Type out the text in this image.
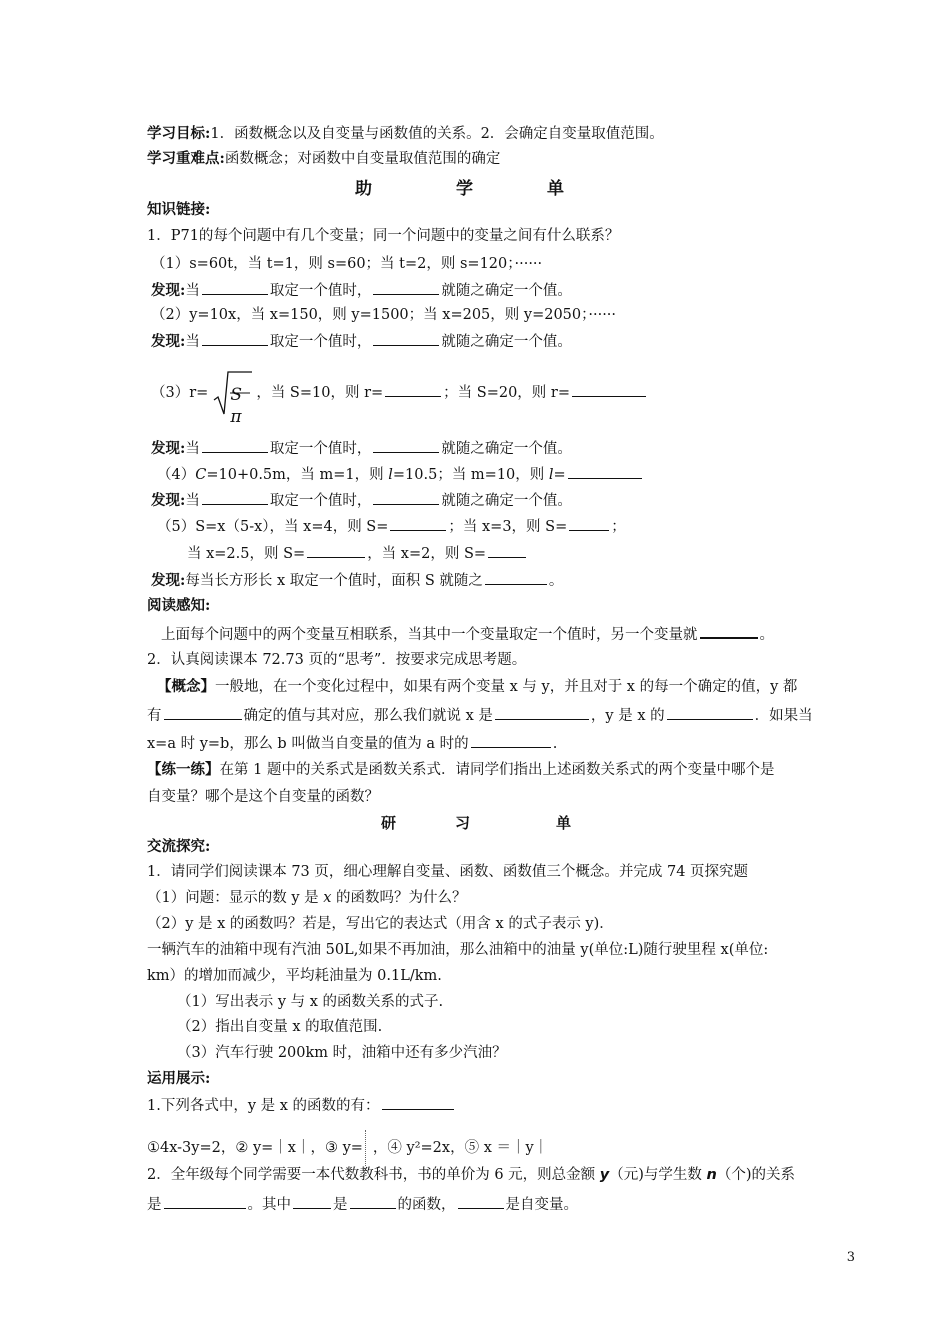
学习目标:1．函数概念以及自变量与函数值的关系。2．会确定自变量取值范围。
学习重难点:函数概念；对函数中自变量取值范围的确定
助	学	单
知识链接:
1．P71的每个问题中有几个变量；同一个问题中的变量之间有什么联系？
（1）s=60t，当 t=1，则 s=60；当 t=2，则 s=120；······
发现:当	取定一个值时，	就随之确定一个值。
（2）y=10x，当 x=150，则 y=1500；当 x=205，则 y=2050；······
发现:当	取定一个值时，	就随之确定一个值。
（3）r= S
π
，当 S=10，则 r=	；当 S=20，则 r=
发现:当	取定一个值时，	就随之确定一个值。
（4）C=10+0.5m，当 m=1，则 l=10.5；当 m=10，则 l=
发现:当	取定一个值时，	就随之确定一个值。
（5）S=x（5-x），当 x=4，则 S=	；当 x=3，则 S=	；
当 x=2.5，则 S=	，当 x=2，则 S=
发现:每当长方形长 x 取定一个值时，面积 S 就随之	。
阅读感知:
上面每个问题中的两个变量互相联系，当其中一个变量取定一个值时，另一个变量就	。
2．认真阅读课本 72.73 页的“思考”．按要求完成思考题。
【概念】一般地，在一个变化过程中，如果有两个变量 x 与 y，并且对于 x 的每一个确定的值，y 都
有	确定的值与其对应，那么我们就说 x 是	，y 是 x 的	．如果当
x=a 时 y=b，那么 b 叫做当自变量的值为 a 时的	.
【练一练】在第 1 题中的关系式是函数关系式．请同学们指出上述函数关系式的两个变量中哪个是
自变量？哪个是这个自变量的函数？
研	习	单
交流探究:
1．请同学们阅读课本 73 页，细心理解自变量、函数、函数值三个概念。并完成 74 页探究题
（1）问题：显示的数 y 是 x 的函数吗？为什么？
（2）y 是 x 的函数吗？若是，写出它的表达式（用含 x 的式子表示 y)．
一辆汽车的油箱中现有汽油 50L,如果不再加油，那么油箱中的油量 y(单位:L)随行驶里程 x(单位:
km）的增加而减少，平均耗油量为 0.1L/km.
（1）写出表示 y 与 x 的函数关系的式子.
（2）指出自变量 x 的取值范围.
（3）汽车行驶 200km 时，油箱中还有多少汽油？
运用展示:
1.下列各式中，y 是 x 的函数的有：
①4x-3y=2，② y=｜x｜，③ y= ，④ y²=2x，⑤ x ＝｜y｜
2．全年级每个同学需要一本代数教科书，书的单价为 6 元，则总金额 y（元)与学生数 n（个)的关系
是	。其中	是	的函数，	是自变量。
3
